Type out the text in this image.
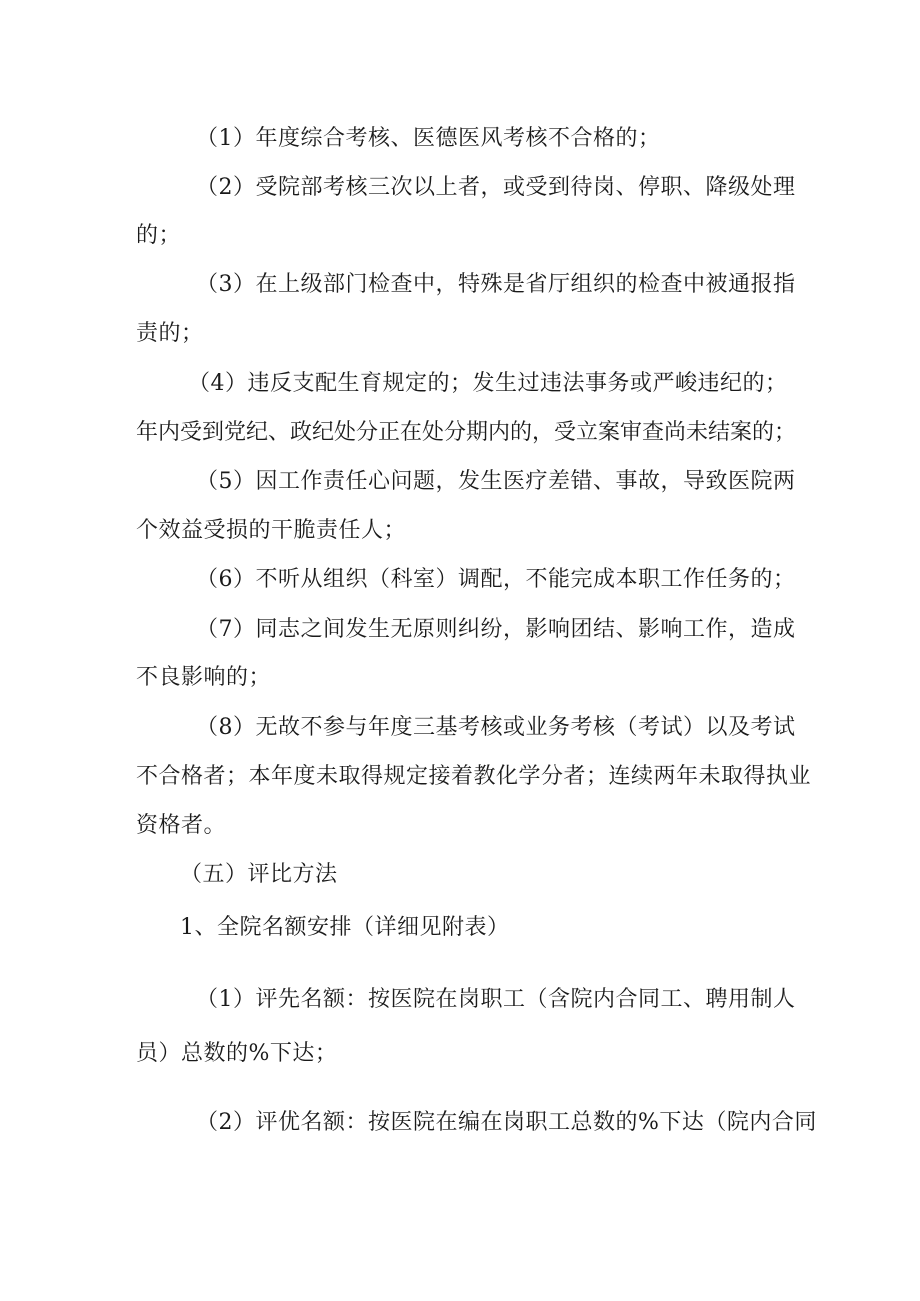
（1）年度综合考核、医德医风考核不合格的；
（2）受院部考核三次以上者，或受到待岗、停职、降级处理
的；
（3）在上级部门检查中，特殊是省厅组织的检查中被通报指
责的；
（4）违反支配生育规定的；发生过违法事务或严峻违纪的；
年内受到党纪、政纪处分正在处分期内的，受立案审查尚未结案的；
（5）因工作责任心问题，发生医疗差错、事故，导致医院两
个效益受损的干脆责任人；
（6）不听从组织（科室）调配，不能完成本职工作任务的；
（7）同志之间发生无原则纠纷，影响团结、影响工作，造成
不良影响的；
（8）无故不参与年度三基考核或业务考核（考试）以及考试
不合格者；本年度未取得规定接着教化学分者；连续两年未取得执业
资格者。
（五）评比方法
1、全院名额安排（详细见附表）
（1）评先名额：按医院在岗职工（含院内合同工、聘用制人
员）总数的%下达；
（2）评优名额：按医院在编在岗职工总数的%下达（院内合同
